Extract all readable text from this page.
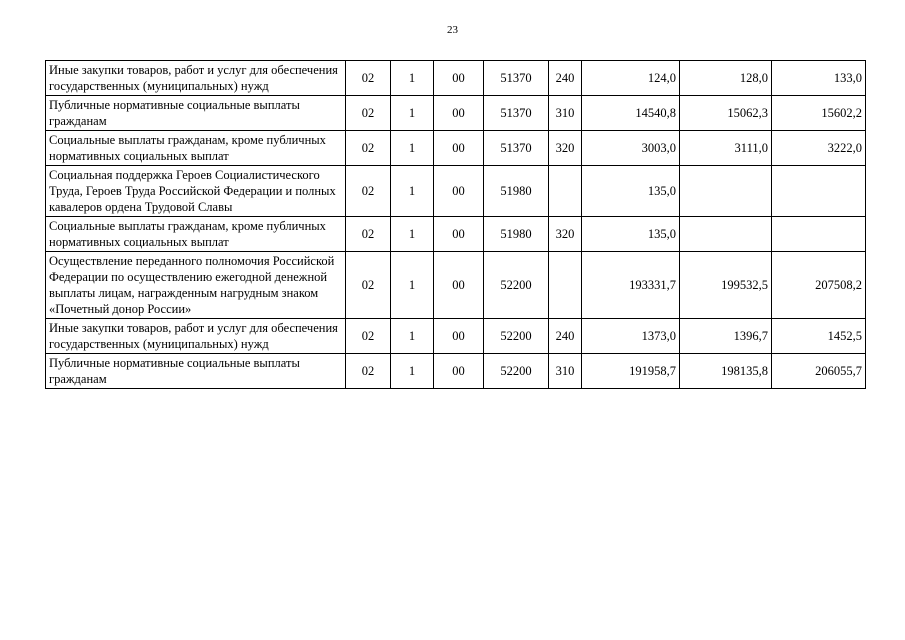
23
Иные закупки товаров, работ и услуг для обеспечения государственных (муниципальных) нужд	02	1	00	51370	240	124,0	128,0	133,0
Публичные нормативные социальные выплаты гражданам	02	1	00	51370	310	14540,8	15062,3	15602,2
Социальные выплаты гражданам, кроме публичных нормативных социальных выплат	02	1	00	51370	320	3003,0	3111,0	3222,0
Социальная поддержка Героев Социалистического Труда, Героев Труда Российской Федерации и полных кавалеров ордена Трудовой Славы	02	1	00	51980		135,0		
Социальные выплаты гражданам, кроме публичных нормативных социальных выплат	02	1	00	51980	320	135,0		
Осуществление переданного полномочия Российской Федерации по осуществлению ежегодной денежной выплаты лицам, награжденным нагрудным знаком «Почетный донор России»	02	1	00	52200		193331,7	199532,5	207508,2
Иные закупки товаров, работ и услуг для обеспечения государственных (муниципальных) нужд	02	1	00	52200	240	1373,0	1396,7	1452,5
Публичные нормативные социальные выплаты гражданам	02	1	00	52200	310	191958,7	198135,8	206055,7
